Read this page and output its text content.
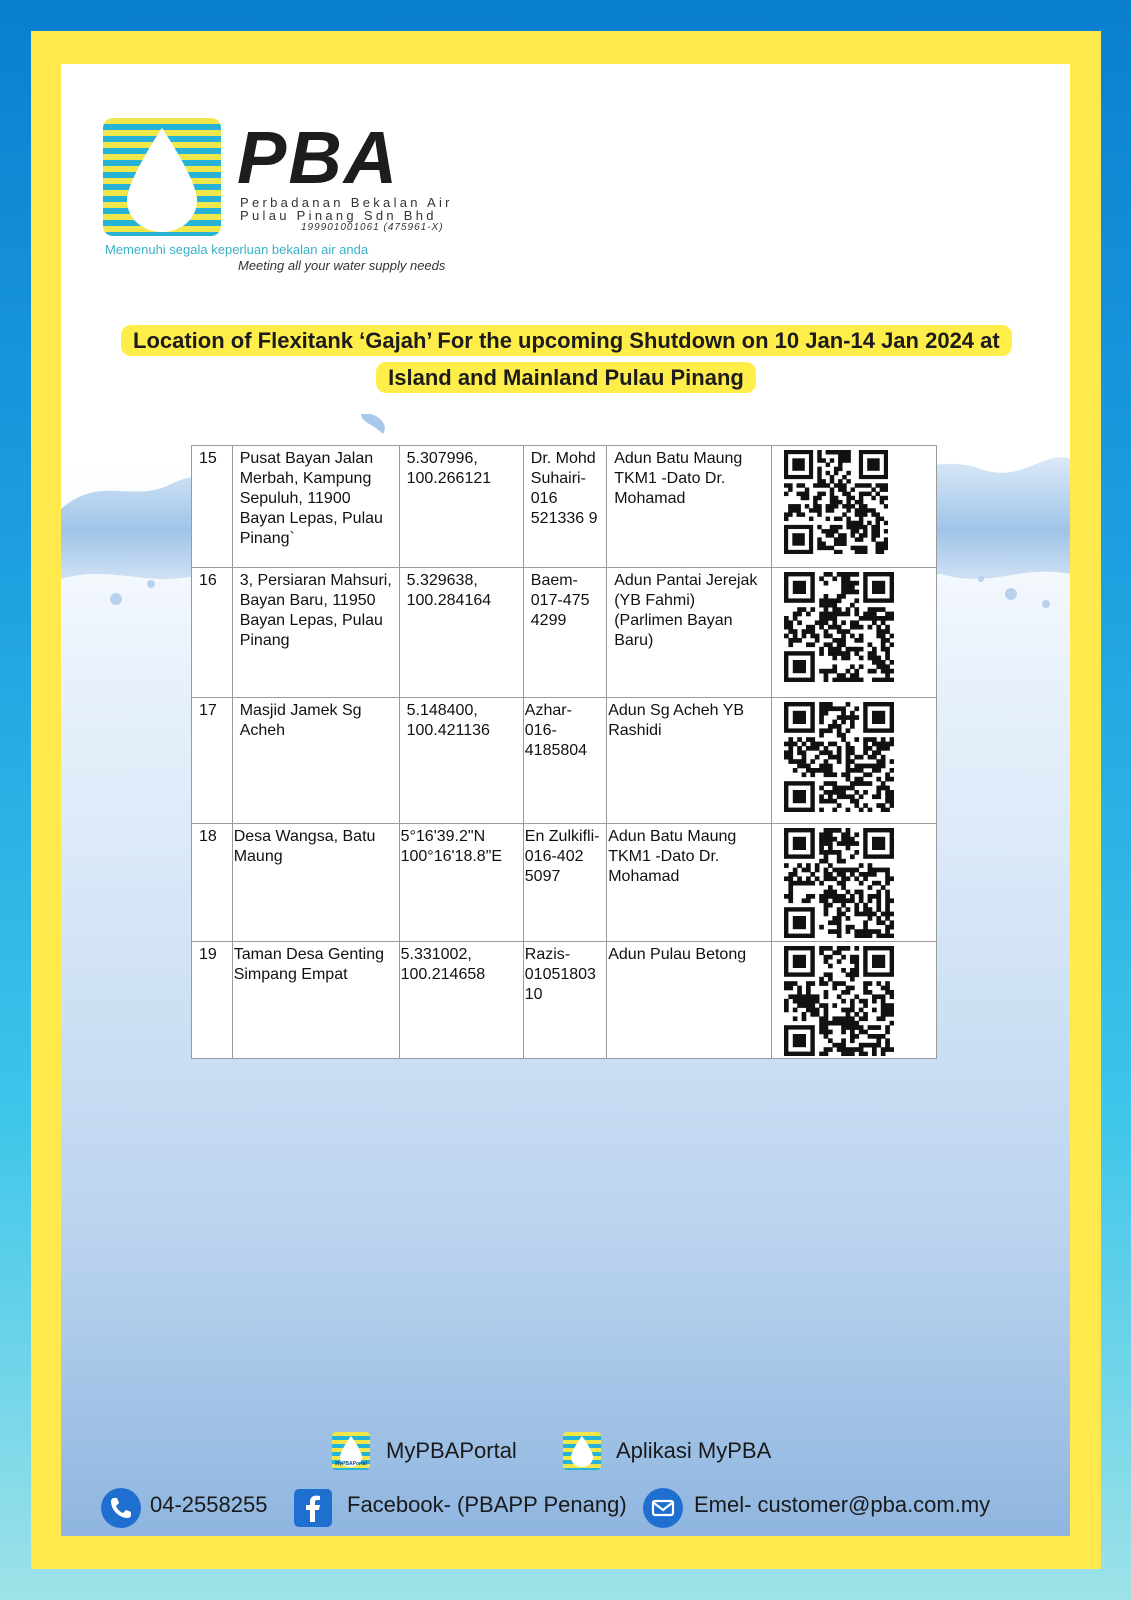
PBA
Perbadanan Bekalan Air
Pulau Pinang Sdn Bhd
199901001061 (475961-X)
Memenuhi segala keperluan bekalan air anda
Meeting all your water supply needs
Location of Flexitank ‘Gajah’ For the upcoming Shutdown on 10 Jan-14 Jan 2024 at Island and Mainland Pulau Pinang
15	Pusat Bayan Jalan Merbah, Kampung Sepuluh, 11900 Bayan Lepas, Pulau Pinang`	5.307996, 100.266121	Dr. Mohd Suhairi-016 521336 9	Adun Batu Maung TKM1 -Dato Dr. Mohamad	

16	3, Persiaran Mahsuri, Bayan Baru, 11950 Bayan Lepas, Pulau Pinang	5.329638, 100.284164	Baem-017-475 4299	Adun Pantai Jerejak (YB Fahmi) (Parlimen Bayan Baru)	

17	Masjid Jamek Sg Acheh	5.148400, 100.421136	Azhar-016-4185804	Adun Sg Acheh YB Rashidi	

18	Desa Wangsa, Batu Maung	5°16'39.2"N 100°16'18.8"E	En Zulkifli-016-402 5097	Adun Batu Maung TKM1 -Dato Dr. Mohamad	

19	Taman Desa Genting Simpang Empat	5.331002, 100.214658	Razis-01051803 10	Adun Pulau Betong	
MyPBAPortal
MyPBAPortal	Aplikasi MyPBA
04-2558255	Facebook- (PBAPP Penang)	Emel- customer@pba.com.my
